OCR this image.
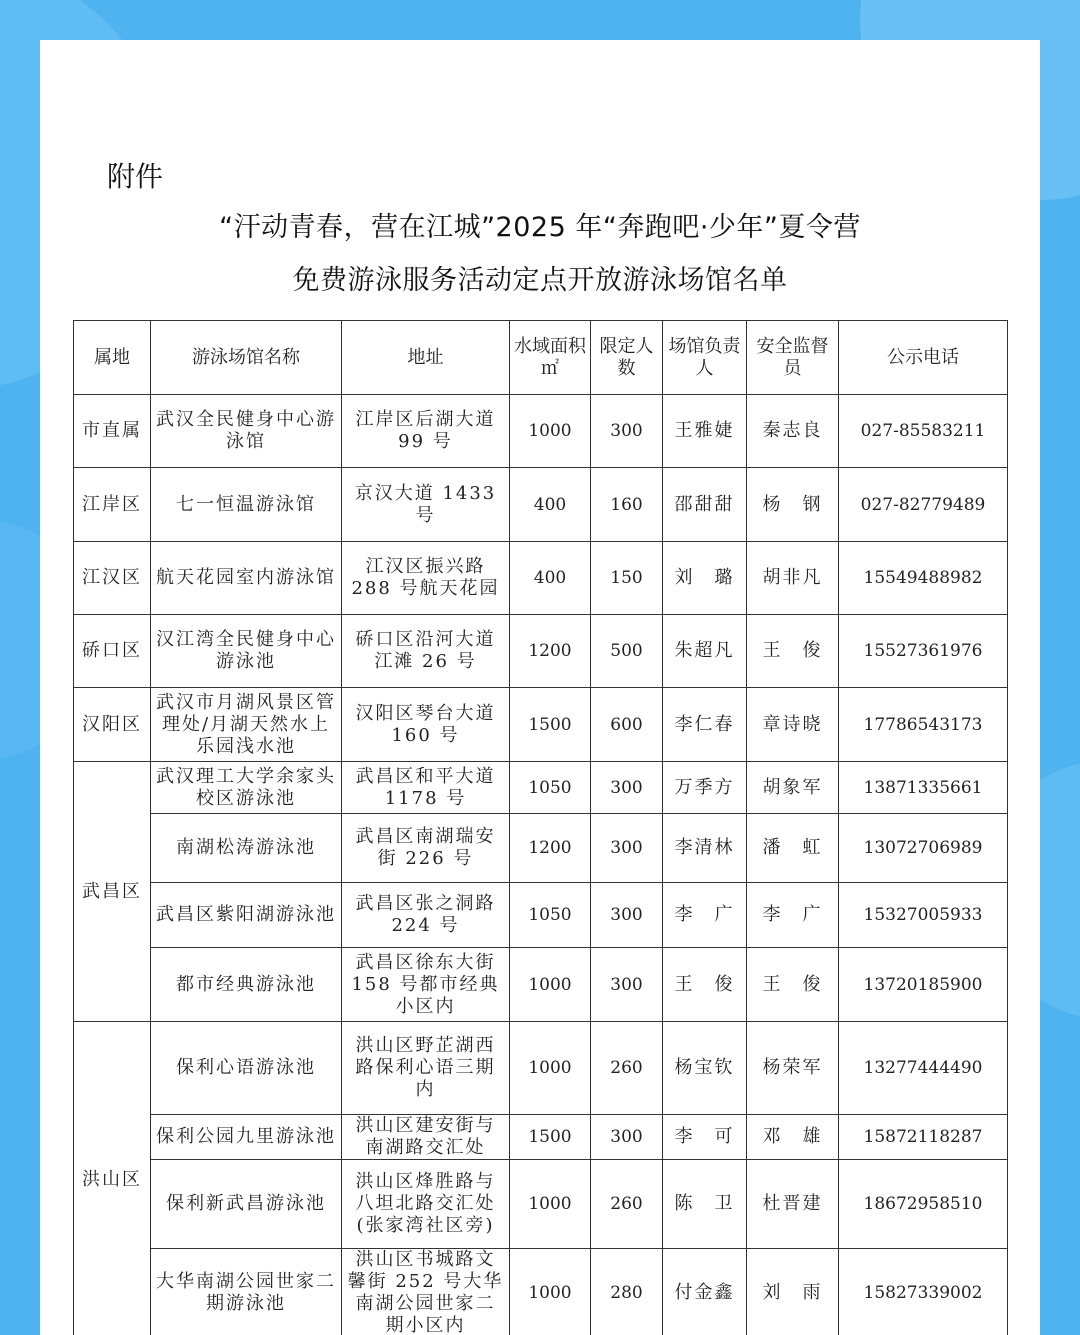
附件
“汗动青春，营在江城”2025 年“奔跑吧·少年”夏令营
免费游泳服务活动定点开放游泳场馆名单
属地	游泳场馆名称	地址	水域面积㎡	限定人数	场馆负责人	安全监督员	公示电话
市直属	武汉全民健身中心游泳馆	江岸区后湖大道 99 号	1000	300	王雅婕	秦志良	027-85583211
江岸区	七一恒温游泳馆	京汉大道 1433 号	400	160	邵甜甜	杨　钢	027-82779489
江汉区	航天花园室内游泳馆	江汉区振兴路 288 号航天花园	400	150	刘　璐	胡非凡	15549488982
硚口区	汉江湾全民健身中心游泳池	硚口区沿河大道江滩 26 号	1200	500	朱超凡	王　俊	15527361976
汉阳区	武汉市月湖风景区管理处/月湖天然水上乐园浅水池	汉阳区琴台大道 160 号	1500	600	李仁春	章诗晓	17786543173
武昌区	武汉理工大学余家头校区游泳池	武昌区和平大道 1178 号	1050	300	万季方	胡象军	13871335661
	南湖松涛游泳池	武昌区南湖瑞安街 226 号	1200	300	李清林	潘　虹	13072706989
	武昌区紫阳湖游泳池	武昌区张之洞路 224 号	1050	300	李　广	李　广	15327005933
	都市经典游泳池	武昌区徐东大街 158 号都市经典小区内	1000	300	王　俊	王　俊	13720185900
洪山区	保利心语游泳池	洪山区野芷湖西路保利心语三期内	1000	260	杨宝钦	杨荣军	13277444490
	保利公园九里游泳池	洪山区建安街与南湖路交汇处	1500	300	李　可	邓　雄	15872118287
	保利新武昌游泳池	洪山区烽胜路与八坦北路交汇处(张家湾社区旁)	1000	260	陈　卫	杜晋建	18672958510
	大华南湖公园世家二期游泳池	洪山区书城路文馨街 252 号大华南湖公园世家二期小区内	1000	280	付金鑫	刘　雨	15827339002
